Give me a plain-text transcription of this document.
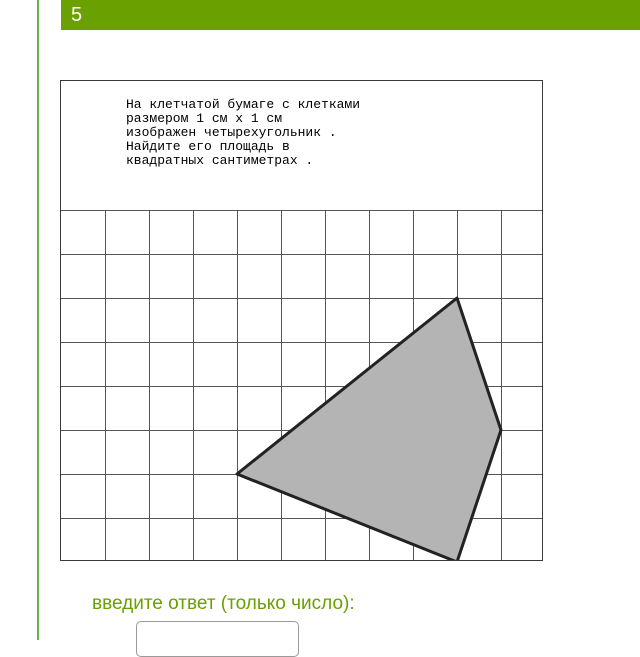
5
На клетчатой бумаге с клетками
размером 1 см x 1 см
изображен четырехугольник .
Найдите его площадь в
квадратных сантиметрах .
введите ответ (только число):
